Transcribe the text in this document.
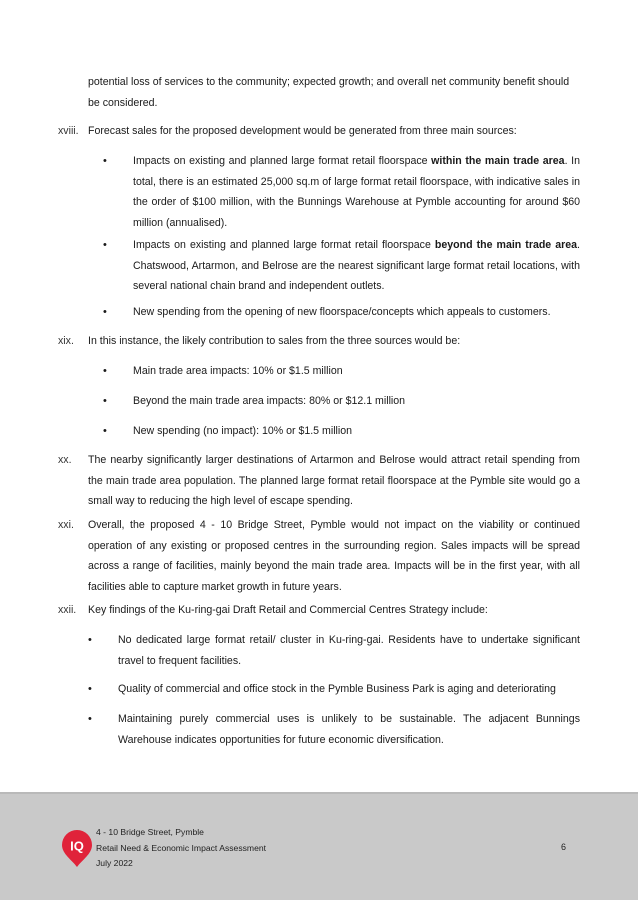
potential loss of services to the community; expected growth; and overall net community benefit should be considered.
xviii. Forecast sales for the proposed development would be generated from three main sources:
• Impacts on existing and planned large format retail floorspace within the main trade area. In total, there is an estimated 25,000 sq.m of large format retail floorspace, with indicative sales in the order of $100 million, with the Bunnings Warehouse at Pymble accounting for around $60 million (annualised).
• Impacts on existing and planned large format retail floorspace beyond the main trade area. Chatswood, Artarmon, and Belrose are the nearest significant large format retail locations, with several national chain brand and independent outlets.
• New spending from the opening of new floorspace/concepts which appeals to customers.
xix. In this instance, the likely contribution to sales from the three sources would be:
• Main trade area impacts: 10% or $1.5 million
• Beyond the main trade area impacts: 80% or $12.1 million
• New spending (no impact): 10% or $1.5 million
xx. The nearby significantly larger destinations of Artarmon and Belrose would attract retail spending from the main trade area population. The planned large format retail floorspace at the Pymble site would go a small way to reducing the high level of escape spending.
xxi. Overall, the proposed 4 - 10 Bridge Street, Pymble would not impact on the viability or continued operation of any existing or proposed centres in the surrounding region. Sales impacts will be spread across a range of facilities, mainly beyond the main trade area. Impacts will be in the first year, with all facilities able to capture market growth in future years.
xxii. Key findings of the Ku-ring-gai Draft Retail and Commercial Centres Strategy include:
• No dedicated large format retail/ cluster in Ku-ring-gai. Residents have to undertake significant travel to frequent facilities.
• Quality of commercial and office stock in the Pymble Business Park is aging and deteriorating
• Maintaining purely commercial uses is unlikely to be sustainable. The adjacent Bunnings Warehouse indicates opportunities for future economic diversification.
IQ
4 - 10 Bridge Street, Pymble
Retail Need & Economic Impact Assessment
July 2022
6
